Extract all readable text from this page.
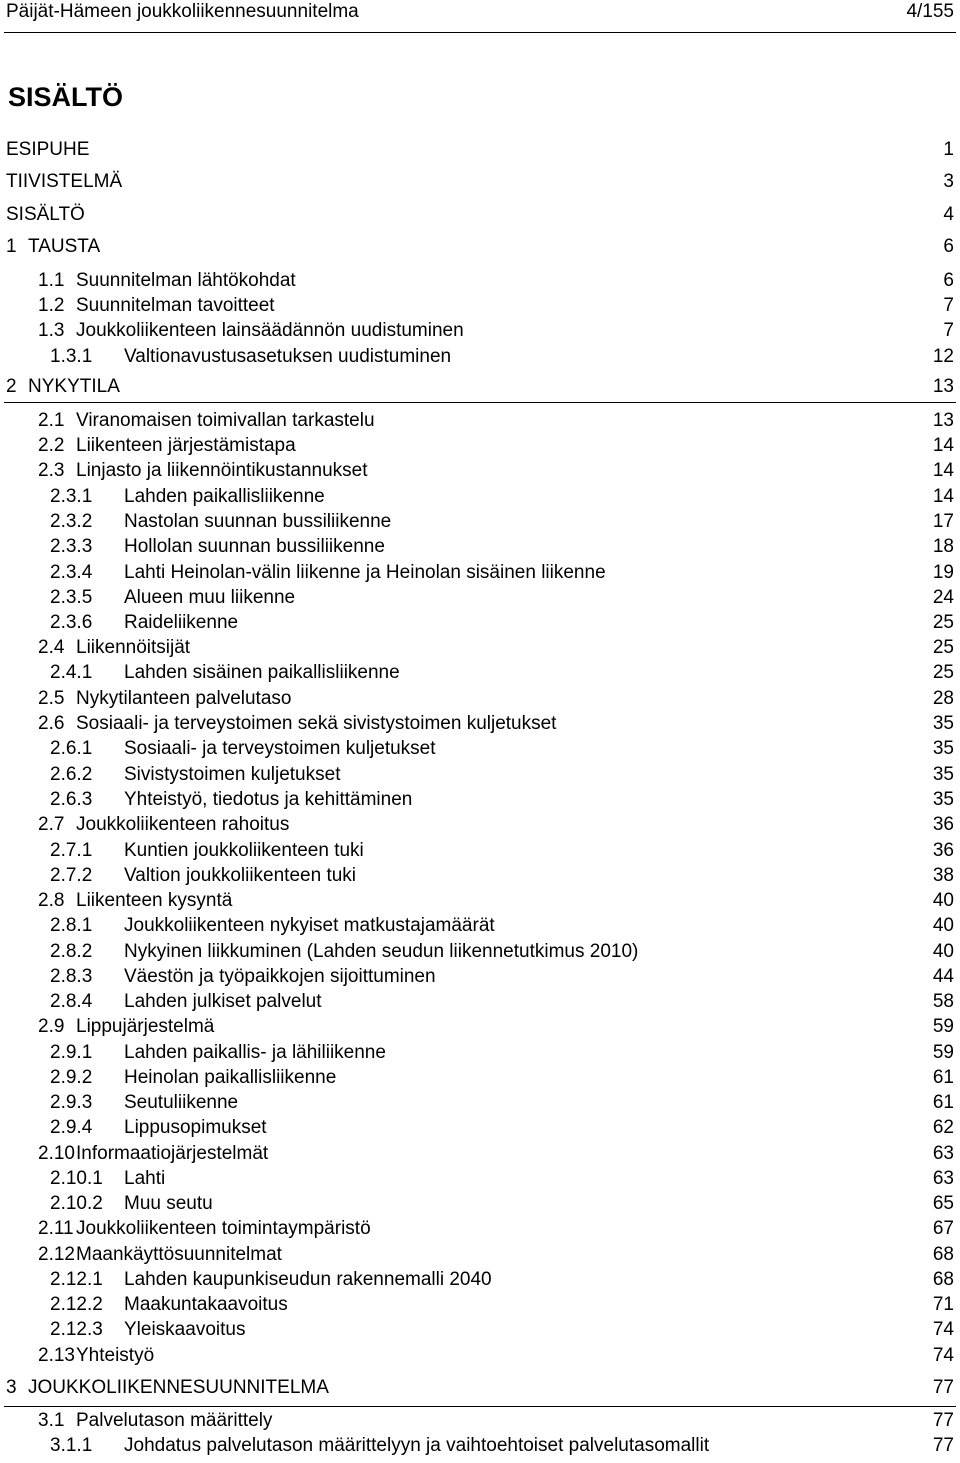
Päijät-Hämeen joukkoliikennesuunnitelma	4/155
SISÄLTÖ
ESIPUHE	1
TIIVISTELMÄ	3
SISÄLTÖ	4
1 TAUSTA	6
1.1 Suunnitelman lähtökohdat	6
1.2 Suunnitelman tavoitteet	7
1.3 Joukkoliikenteen lainsäädännön uudistuminen	7
1.3.1 Valtionavustusasetuksen uudistuminen	12
2 NYKYTILA	13
2.1 Viranomaisen toimivallan tarkastelu	13
2.2 Liikenteen järjestämistapa	14
2.3 Linjasto ja liikennöintikustannukset	14
2.3.1 Lahden paikallisliikenne	14
2.3.2 Nastolan suunnan bussiliikenne	17
2.3.3 Hollolan suunnan bussiliikenne	18
2.3.4 Lahti Heinolan-välin liikenne ja Heinolan sisäinen liikenne	19
2.3.5 Alueen muu liikenne	24
2.3.6 Raideliikenne	25
2.4 Liikennöitsijät	25
2.4.1 Lahden sisäinen paikallisliikenne	25
2.5 Nykytilanteen palvelutaso	28
2.6 Sosiaali- ja terveystoimen sekä sivistystoimen kuljetukset	35
2.6.1 Sosiaali- ja terveystoimen kuljetukset	35
2.6.2 Sivistystoimen kuljetukset	35
2.6.3 Yhteistyö, tiedotus ja kehittäminen	35
2.7 Joukkoliikenteen rahoitus	36
2.7.1 Kuntien joukkoliikenteen tuki	36
2.7.2 Valtion joukkoliikenteen tuki	38
2.8 Liikenteen kysyntä	40
2.8.1 Joukkoliikenteen nykyiset matkustajamäärät	40
2.8.2 Nykyinen liikkuminen (Lahden seudun liikennetutkimus 2010)	40
2.8.3 Väestön ja työpaikkojen sijoittuminen	44
2.8.4 Lahden julkiset palvelut	58
2.9 Lippujärjestelmä	59
2.9.1 Lahden paikallis- ja lähiliikenne	59
2.9.2 Heinolan paikallisliikenne	61
2.9.3 Seutuliikenne	61
2.9.4 Lippusopimukset	62
2.10 Informaatiojärjestelmät	63
2.10.1 Lahti	63
2.10.2 Muu seutu	65
2.11 Joukkoliikenteen toimintaympäristö	67
2.12 Maankäyttösuunnitelmat	68
2.12.1 Lahden kaupunkiseudun rakennemalli 2040	68
2.12.2 Maakuntakaavoitus	71
2.12.3 Yleiskaavoitus	74
2.13 Yhteistyö	74
3 JOUKKOLIIKENNESUUNNITELMA	77
3.1 Palvelutason määrittely	77
3.1.1 Johdatus palvelutason määrittelyyn ja vaihtoehtoiset palvelutasomallit	77
